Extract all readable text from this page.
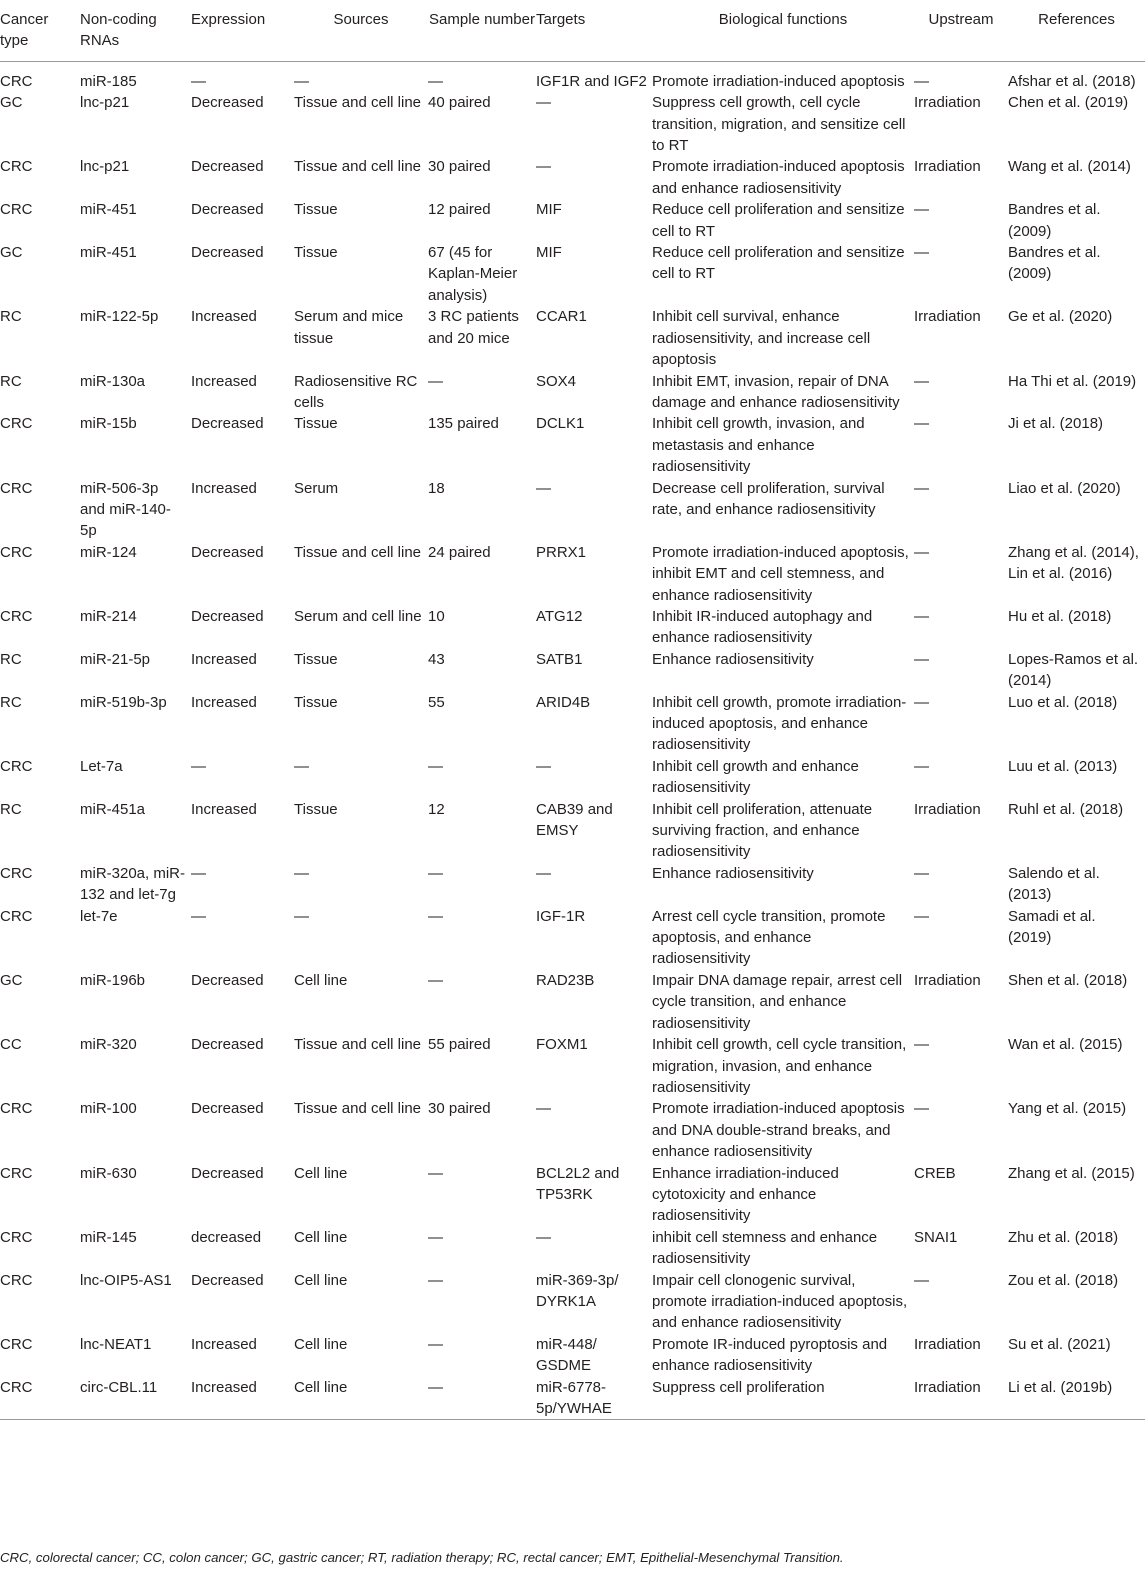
Cancer type	Non-coding RNAs	Expression	Sources	Sample number	Targets	Biological functions	Upstream	References
CRC	miR-185	—	—	—	IGF1R and IGF2	Promote irradiation-induced apoptosis	—	Afshar et al. (2018)
GC	lnc-p21	Decreased	Tissue and cell line	40 paired	—	Suppress cell growth, cell cycle transition, migration, and sensitize cell to RT	Irradiation	Chen et al. (2019)
CRC	lnc-p21	Decreased	Tissue and cell line	30 paired	—	Promote irradiation-induced apoptosis and enhance radiosensitivity	Irradiation	Wang et al. (2014)
CRC	miR-451	Decreased	Tissue	12 paired	MIF	Reduce cell proliferation and sensitize cell to RT	—	Bandres et al. (2009)
GC	miR-451	Decreased	Tissue	67 (45 for Kaplan-Meier analysis)	MIF	Reduce cell proliferation and sensitize cell to RT	—	Bandres et al. (2009)
RC	miR-122-5p	Increased	Serum and mice tissue	3 RC patients and 20 mice	CCAR1	Inhibit cell survival, enhance radiosensitivity, and increase cell apoptosis	Irradiation	Ge et al. (2020)
RC	miR-130a	Increased	Radiosensitive RC cells	—	SOX4	Inhibit EMT, invasion, repair of DNA damage and enhance radiosensitivity	—	Ha Thi et al. (2019)
CRC	miR-15b	Decreased	Tissue	135 paired	DCLK1	Inhibit cell growth, invasion, and metastasis and enhance radiosensitivity	—	Ji et al. (2018)
CRC	miR-506-3p and miR-140-5p	Increased	Serum	18	—	Decrease cell proliferation, survival rate, and enhance radiosensitivity	—	Liao et al. (2020)
CRC	miR-124	Decreased	Tissue and cell line	24 paired	PRRX1	Promote irradiation-induced apoptosis, inhibit EMT and cell stemness, and enhance radiosensitivity	—	Zhang et al. (2014), Lin et al. (2016)
CRC	miR-214	Decreased	Serum and cell line	10	ATG12	Inhibit IR-induced autophagy and enhance radiosensitivity	—	Hu et al. (2018)
RC	miR-21-5p	Increased	Tissue	43	SATB1	Enhance radiosensitivity	—	Lopes-Ramos et al. (2014)
RC	miR-519b-3p	Increased	Tissue	55	ARID4B	Inhibit cell growth, promote irradiation-induced apoptosis, and enhance radiosensitivity	—	Luo et al. (2018)
CRC	Let-7a	—	—	—	—	Inhibit cell growth and enhance radiosensitivity	—	Luu et al. (2013)
RC	miR-451a	Increased	Tissue	12	CAB39 and EMSY	Inhibit cell proliferation, attenuate surviving fraction, and enhance radiosensitivity	Irradiation	Ruhl et al. (2018)
CRC	miR-320a, miR-132 and let-7g	—	—	—	—	Enhance radiosensitivity	—	Salendo et al. (2013)
CRC	let-7e	—	—	—	IGF-1R	Arrest cell cycle transition, promote apoptosis, and enhance radiosensitivity	—	Samadi et al. (2019)
GC	miR-196b	Decreased	Cell line	—	RAD23B	Impair DNA damage repair, arrest cell cycle transition, and enhance radiosensitivity	Irradiation	Shen et al. (2018)
CC	miR-320	Decreased	Tissue and cell line	55 paired	FOXM1	Inhibit cell growth, cell cycle transition, migration, invasion, and enhance radiosensitivity	—	Wan et al. (2015)
CRC	miR-100	Decreased	Tissue and cell line	30 paired	—	Promote irradiation-induced apoptosis and DNA double-strand breaks, and enhance radiosensitivity	—	Yang et al. (2015)
CRC	miR-630	Decreased	Cell line	—	BCL2L2 and TP53RK	Enhance irradiation-induced cytotoxicity and enhance radiosensitivity	CREB	Zhang et al. (2015)
CRC	miR-145	decreased	Cell line	—	—	inhibit cell stemness and enhance radiosensitivity	SNAI1	Zhu et al. (2018)
CRC	lnc-OIP5-AS1	Decreased	Cell line	—	miR-369-3p/ DYRK1A	Impair cell clonogenic survival, promote irradiation-induced apoptosis, and enhance radiosensitivity	—	Zou et al. (2018)
CRC	lnc-NEAT1	Increased	Cell line	—	miR-448/ GSDME	Promote IR-induced pyroptosis and enhance radiosensitivity	Irradiation	Su et al. (2021)
CRC	circ-CBL.11	Increased	Cell line	—	miR-6778-5p/YWHAE	Suppress cell proliferation	Irradiation	Li et al. (2019b)
CRC, colorectal cancer; CC, colon cancer; GC, gastric cancer; RT, radiation therapy; RC, rectal cancer; EMT, Epithelial-Mesenchymal Transition.
